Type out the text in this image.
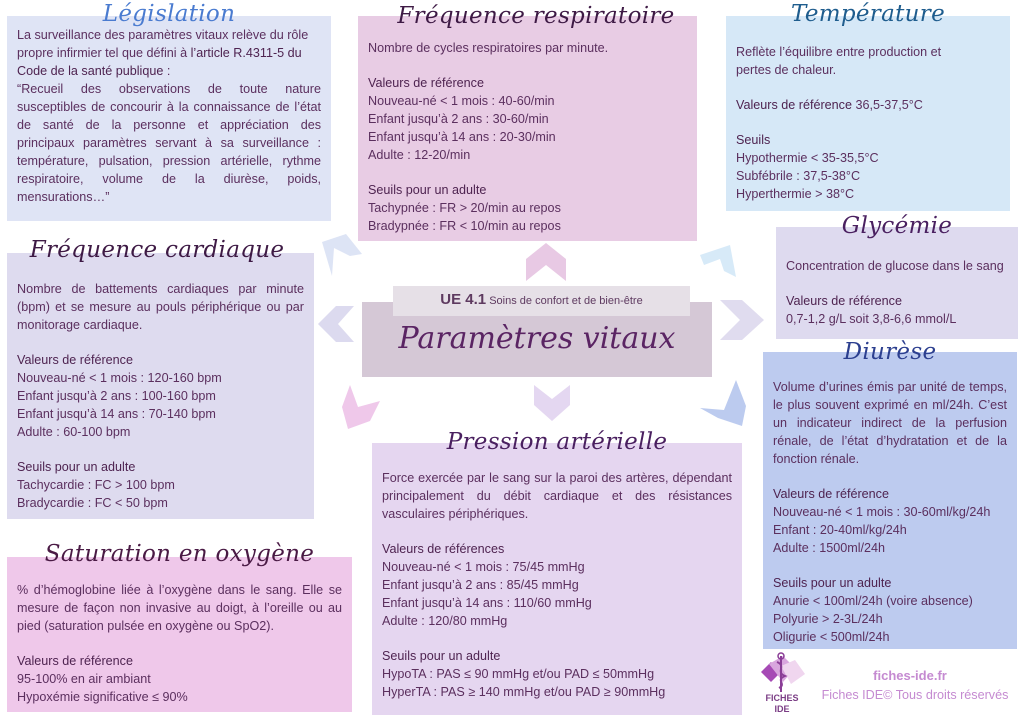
La surveillance des paramètres vitaux relève du rôle
propre infirmier tel que défini à l’article R.4311-5 du
Code de la santé publique :
“Recueil des observations de toute nature susceptibles de concourir à la connaissance de l’état de santé de la personne et appréciation des principaux paramètres servant à sa surveillance : température, pulsation, pression artérielle, rythme respiratoire, volume de la diurèse, poids, mensurations…”
Législation
Nombre de cycles respiratoires par minute.
Valeurs de référence
Nouveau-né < 1 mois : 40-60/min
Enfant jusqu’à 2 ans : 30-60/min
Enfant jusqu’à 14 ans : 20-30/min
Adulte : 12-20/min
Seuils pour un adulte
Tachypnée : FR > 20/min au repos
Bradypnée : FR < 10/min au repos
Fréquence respiratoire
Reflète l’équilibre entre production et
pertes de chaleur.
Valeurs de référence 36,5-37,5°C
Seuils
Hypothermie < 35-35,5°C
Subfébrile : 37,5-38°C
Hyperthermie > 38°C
Température
Nombre de battements cardiaques par minute (bpm) et se mesure au pouls périphérique ou par monitorage cardiaque.
Valeurs de référence
Nouveau-né < 1 mois : 120-160 bpm
Enfant jusqu’à 2 ans : 100-160 bpm
Enfant jusqu’à 14 ans : 70-140 bpm
Adulte : 60-100 bpm
Seuils pour un adulte
Tachycardie : FC > 100 bpm
Bradycardie : FC < 50 bpm
Fréquence cardiaque
Concentration de glucose dans le sang
Valeurs de référence
0,7-1,2 g/L soit 3,8-6,6 mmol/L
Glycémie
Volume d’urines émis par unité de temps, le plus souvent exprimé en ml/24h. C’est un indicateur indirect de la perfusion rénale, de l’état d’hydratation et de la fonction rénale.
Valeurs de référence
Nouveau-né < 1 mois : 30-60ml/kg/24h
Enfant : 20-40ml/kg/24h
Adulte : 1500ml/24h
Seuils pour un adulte
Anurie < 100ml/24h (voire absence)
Polyurie > 2-3L/24h
Oligurie < 500ml/24h
Diurèse
Force exercée par le sang sur la paroi des artères, dépendant principalement du débit cardiaque et des résistances vasculaires périphériques.
Valeurs de références
Nouveau-né < 1 mois : 75/45 mmHg
Enfant jusqu’à 2 ans : 85/45 mmHg
Enfant jusqu’à 14 ans : 110/60 mmHg
Adulte : 120/80 mmHg
Seuils pour un adulte
HypoTA : PAS ≤ 90 mmHg et/ou PAD ≤ 50mmHg
HyperTA : PAS ≥ 140 mmHg et/ou PAD ≥ 90mmHg
Pression artérielle
% d’hémoglobine liée à l’oxygène dans le sang. Elle se mesure de façon non invasive au doigt, à l’oreille ou au pied (saturation pulsée en oxygène ou SpO2).
Valeurs de référence
95-100% en air ambiant
Hypoxémie significative ≤ 90%
Saturation en oxygène
UE 4.1 Soins de confort et de bien-être
Paramètres vitaux
FICHES
IDE
fiches-ide.fr
Fiches IDE© Tous droits réservés
